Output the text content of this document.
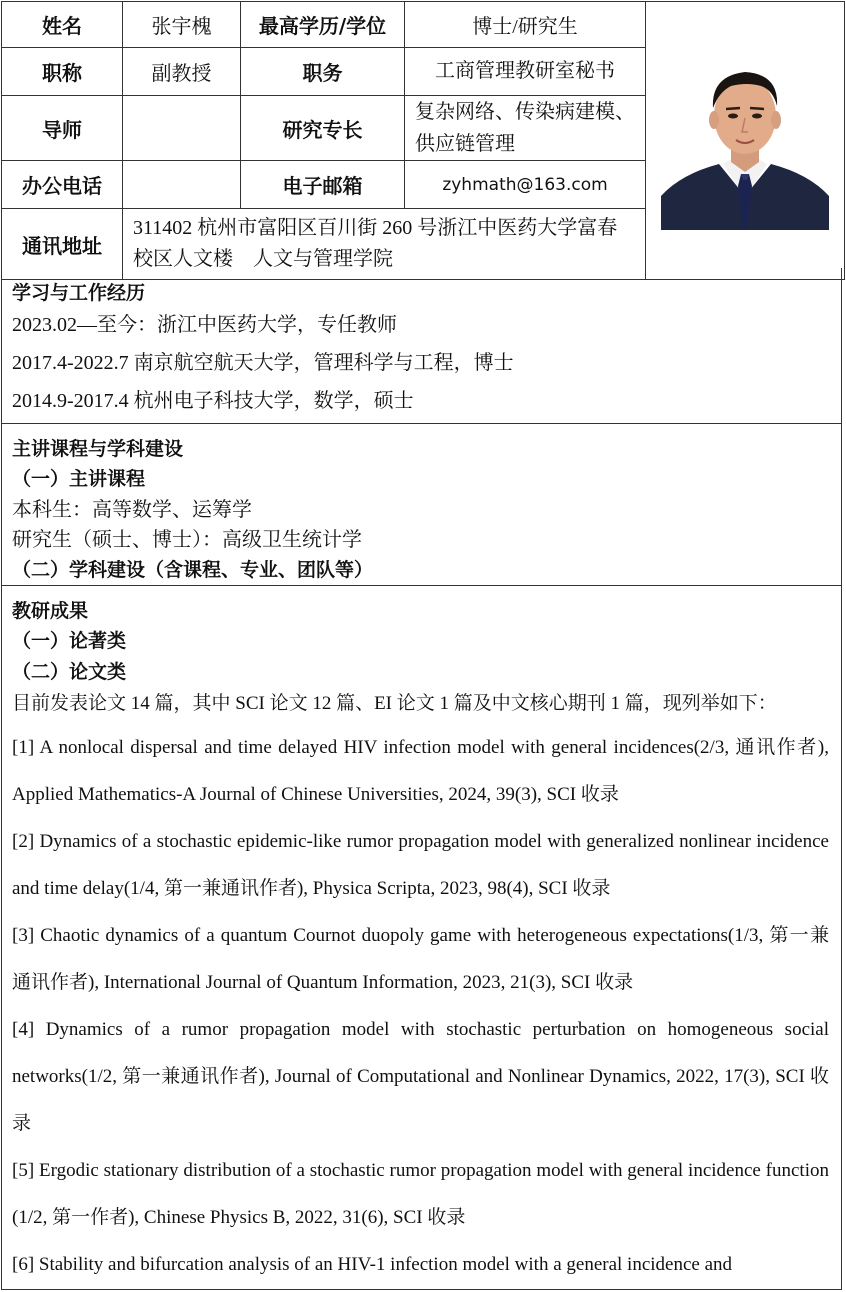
姓名	张宇槐	最高学历/学位	博士/研究生	
职称	副教授	职务	工商管理教研室秘书	
导师		研究专长	复杂网络、传染病建模、
供应链管理	

办公电话		电子邮箱	zyhmath@163.com	
通讯地址	311402 杭州市富阳区百川街 260 号浙江中医药大学富春
校区人文楼　人文与管理学院			
学习与工作经历
2023.02—至今：浙江中医药大学，专任教师
2017.4-2022.7 南京航空航天大学，管理科学与工程，博士
2014.9-2017.4 杭州电子科技大学，数学，硕士
主讲课程与学科建设
（一）主讲课程
本科生：高等数学、运筹学
研究生（硕士、博士）：高级卫生统计学
（二）学科建设（含课程、专业、团队等）
教研成果
（一）论著类
（二）论文类
目前发表论文 14 篇，其中 SCI 论文 12 篇、EI 论文 1 篇及中文核心期刊 1 篇，现列举如下：
[1] A nonlocal dispersal and time delayed HIV infection model with general incidences(2/3, 通讯作者), Applied Mathematics-A Journal of Chinese Universities, 2024, 39(3), SCI 收录
[2] Dynamics of a stochastic epidemic-like rumor propagation model with generalized nonlinear incidence and time delay(1/4, 第一兼通讯作者), Physica Scripta, 2023, 98(4), SCI 收录
[3] Chaotic dynamics of a quantum Cournot duopoly game with heterogeneous expectations(1/3, 第一兼通讯作者), International Journal of Quantum Information, 2023, 21(3), SCI 收录
[4] Dynamics of a rumor propagation model with stochastic perturbation on homogeneous social networks(1/2, 第一兼通讯作者), Journal of Computational and Nonlinear Dynamics, 2022, 17(3), SCI 收录
[5] Ergodic stationary distribution of a stochastic rumor propagation model with general incidence function (1/2, 第一作者), Chinese Physics B, 2022, 31(6), SCI 收录
[6] Stability and bifurcation analysis of an HIV-1 infection model with a general incidence and
